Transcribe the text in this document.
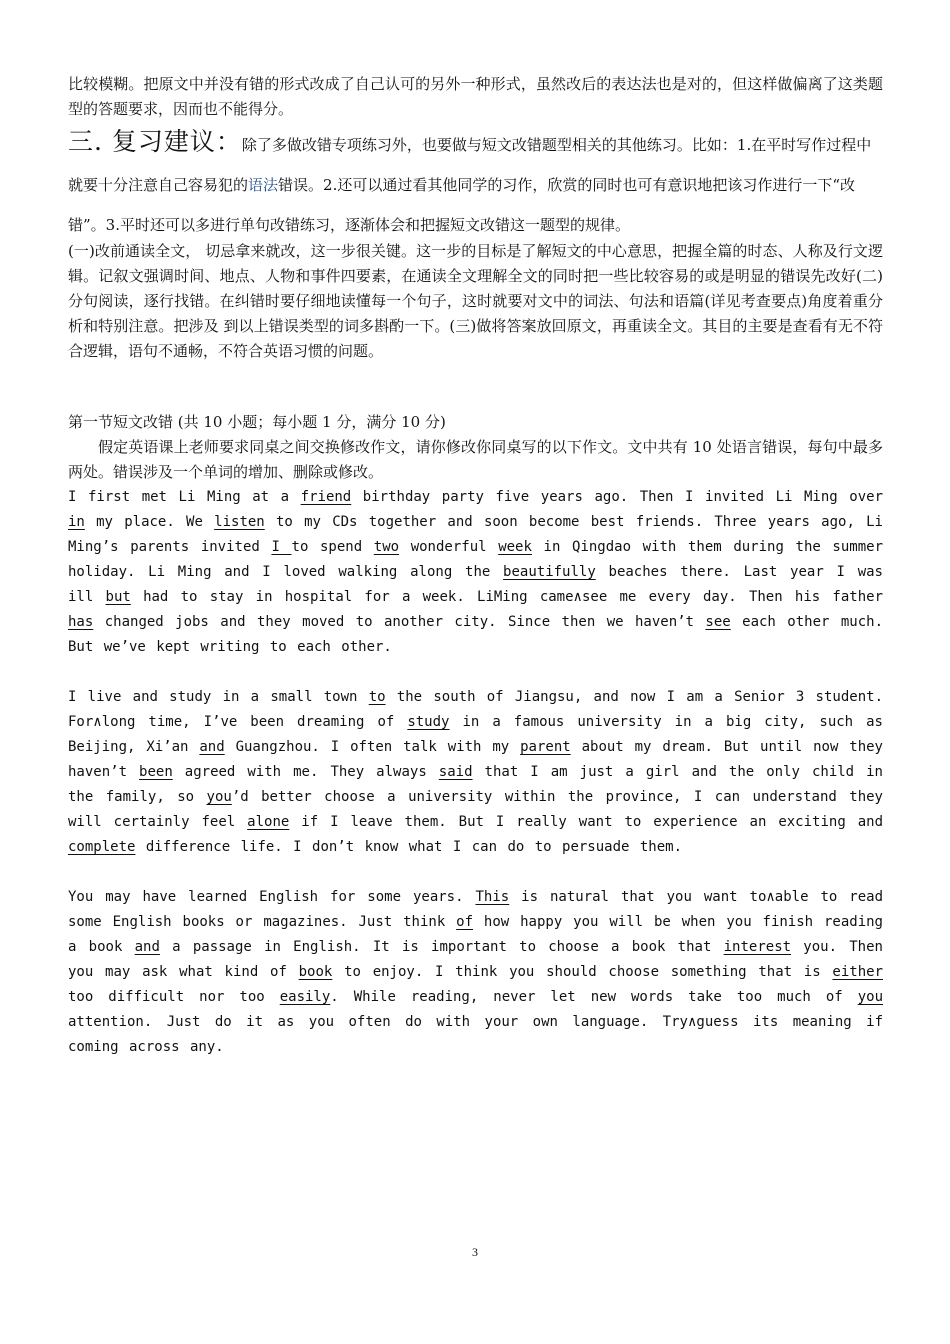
比较模糊。把原文中并没有错的形式改成了自己认可的另外一种形式，虽然改后的表达法也是对的，但这样做偏离了这类题型的答题要求，因而也不能得分。

三. 复习建议：除了多做改错专项练习外，也要做与短文改错题型相关的其他练习。比如：1.在平时写作过程中就要十分注意自己容易犯的语法错误。2.还可以通过看其他同学的习作，欣赏的同时也可有意识地把该习作进行一下“改错”。3.平时还可以多进行单句改错练习，逐渐体会和把握短文改错这一题型的规律。

(一)改前通读全文， 切忌拿来就改，这一步很关键。这一步的目标是了解短文的中心意思，把握全篇的时态、人称及行文逻辑。记叙文强调时间、地点、人物和事件四要素，在通读全文理解全文的同时把一些比较容易的或是明显的错误先改好(二)分句阅读，逐行找错。在纠错时要仔细地读懂每一个句子，这时就要对文中的词法、句法和语篇(详见考查要点)角度着重分析和特别注意。把涉及 到以上错误类型的词多斟酌一下。(三)做将答案放回原文，再重读全文。其目的主要是查看有无不符合逻辑，语句不通畅，不符合英语习惯的问题。

第一节短文改错 (共 10 小题；每小题 1 分，满分 10 分)

假定英语课上老师要求同桌之间交换修改作文，请你修改你同桌写的以下作文。文中共有 10 处语言错误，每句中最多两处。错误涉及一个单词的增加、删除或修改。

I first met Li Ming at a friend birthday party five years ago. Then I invited Li Ming over in my place. We listen to my CDs together and soon become best friends. Three years ago, Li Ming’s parents invited I to spend two wonderful week in Qingdao with them during the summer holiday. Li Ming and I loved walking along the beautifully beaches there. Last year I was ill but had to stay in hospital for a week. LiMing came∧see me every day. Then his father has changed jobs and they moved to another city. Since then we haven’t see each other much. But we’ve kept writing to each other.

I live and study in a small town to the south of Jiangsu, and now I am a Senior 3 student. For∧long time, I’ve been dreaming of study in a famous university in a big city, such as Beijing, Xi’an and Guangzhou. I often talk with my parent about my dream. But until now they haven’t been agreed with me. They always said that I am just a girl and the only child in the family, so you’d better choose a university within the province, I can understand they will certainly feel alone if I leave them. But I really want to experience an exciting and complete difference life. I don’t know what I can do to persuade them.

You may have learned English for some years. This is natural that you want to∧able to read some English books or magazines. Just think of how happy you will be when you finish reading a book and a passage in English. It is important to choose a book that interest you. Then you may ask what kind of book to enjoy. I think you should choose something that is either too difficult nor too easily. While reading, never let new words take too much of you attention. Just do it as you often do with your own language. Try∧guess its meaning if coming across any.

3
